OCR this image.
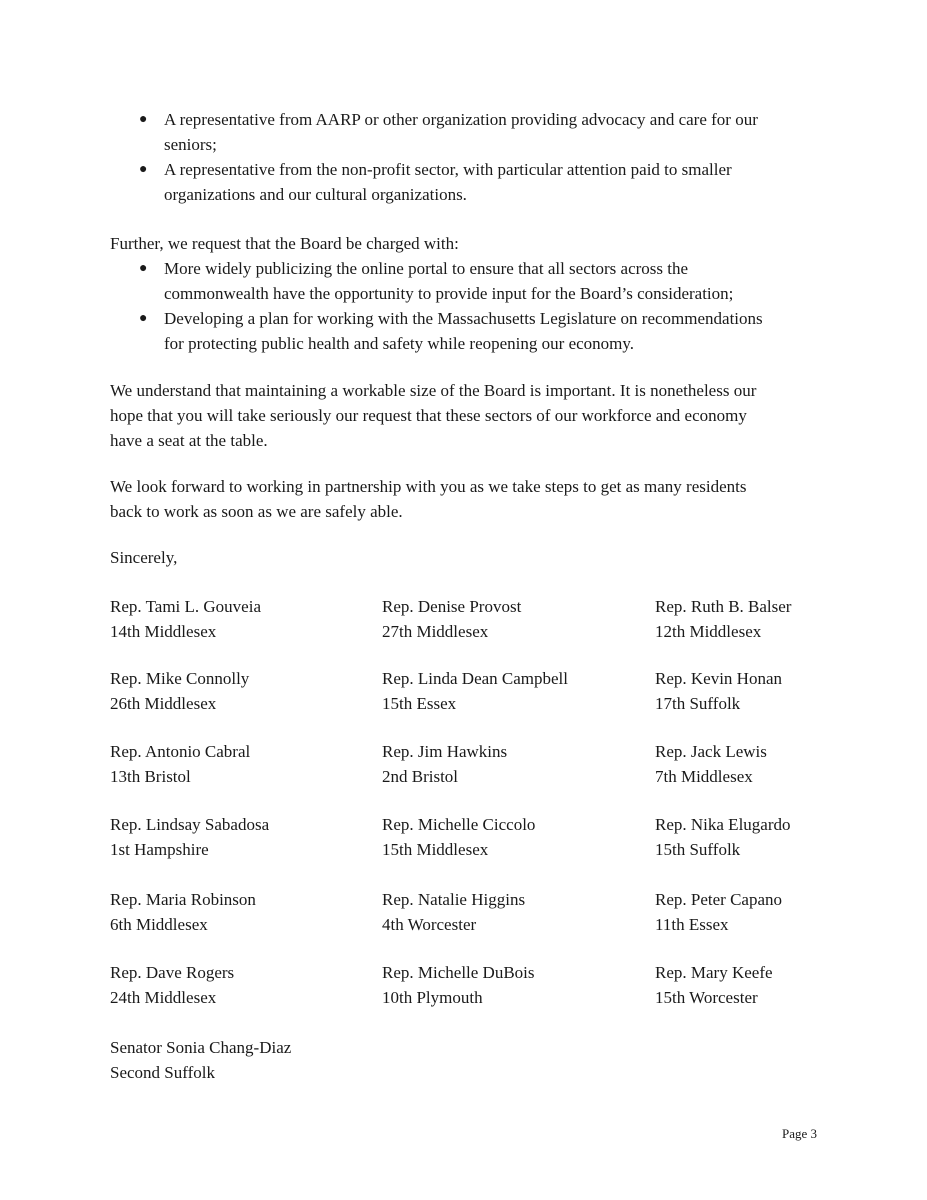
● A representative from AARP or other organization providing advocacy and care for our
seniors;
● A representative from the non-profit sector, with particular attention paid to smaller
organizations and our cultural organizations.
Further, we request that the Board be charged with:
● More widely publicizing the online portal to ensure that all sectors across the
commonwealth have the opportunity to provide input for the Board’s consideration;
● Developing a plan for working with the Massachusetts Legislature on recommendations
for protecting public health and safety while reopening our economy.
We understand that maintaining a workable size of the Board is important. It is nonetheless our
hope that you will take seriously our request that these sectors of our workforce and economy
have a seat at the table.
We look forward to working in partnership with you as we take steps to get as many residents
back to work as soon as we are safely able.
Sincerely,
Rep. Tami L. Gouveia
14th Middlesex
Rep. Denise Provost
27th Middlesex
Rep. Ruth B. Balser
12th Middlesex
Rep. Mike Connolly
26th Middlesex
Rep. Linda Dean Campbell
15th Essex
Rep. Kevin Honan
17th Suffolk
Rep. Antonio Cabral
13th Bristol
Rep. Jim Hawkins
2nd Bristol
Rep. Jack Lewis
7th Middlesex
Rep. Lindsay Sabadosa
1st Hampshire
Rep. Michelle Ciccolo
15th Middlesex
Rep. Nika Elugardo
15th Suffolk
Rep. Maria Robinson
6th Middlesex
Rep. Natalie Higgins
4th Worcester
Rep. Peter Capano
11th Essex
Rep. Dave Rogers
24th Middlesex
Rep. Michelle DuBois
10th Plymouth
Rep. Mary Keefe
15th Worcester
Senator Sonia Chang-Diaz
Second Suffolk
Page 3
